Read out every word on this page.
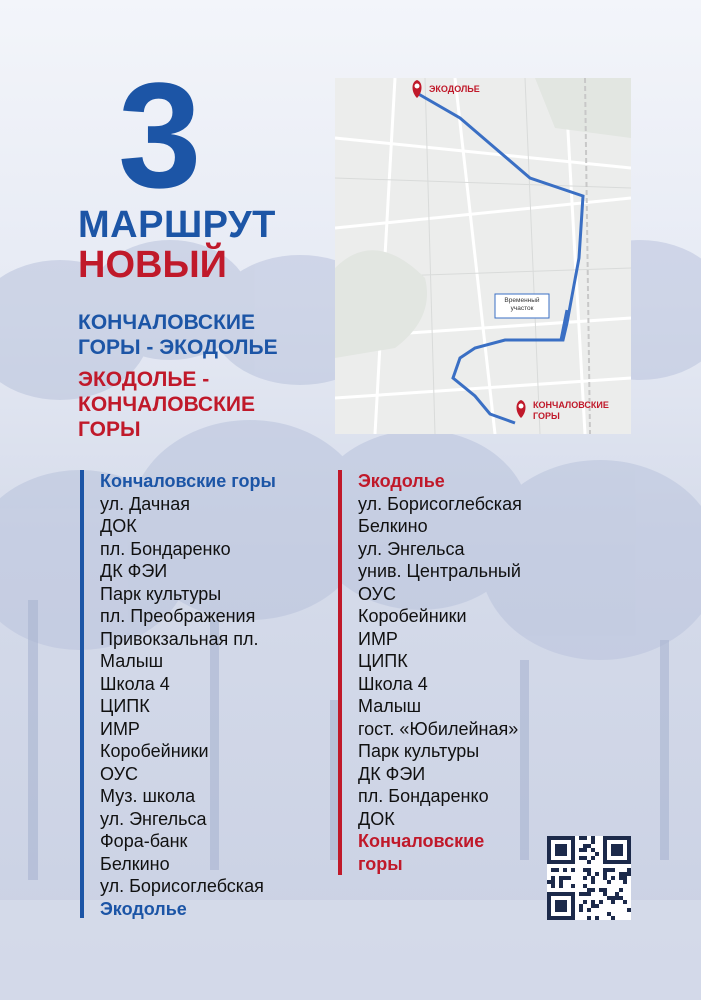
3
МАРШРУТ
НОВЫЙ
КОНЧАЛОВСКИЕ ГОРЫ - ЭКОДОЛЬЕ
ЭКОДОЛЬЕ - КОНЧАЛОВСКИЕ ГОРЫ
ЭКОДОЛЬЕ
КОНЧАЛОВСКИЕ
ГОРЫ
Временный
участок
Кончаловские горы
ул. Дачная
ДОК
пл. Бондаренко
ДК ФЭИ
Парк культуры
пл. Преображения
Привокзальная пл.
Малыш
Школа 4
ЦИПК
ИМР
Коробейники
ОУС
Муз. школа
ул. Энгельса
Фора-банк
Белкино
ул. Борисоглебская
Экодолье
Экодолье
ул. Борисоглебская
Белкино
ул. Энгельса
унив. Центральный
ОУС
Коробейники
ИМР
ЦИПК
Школа 4
Малыш
гост. «Юбилейная»
Парк культуры
ДК ФЭИ
пл. Бондаренко
ДОК
Кончаловские
горы
